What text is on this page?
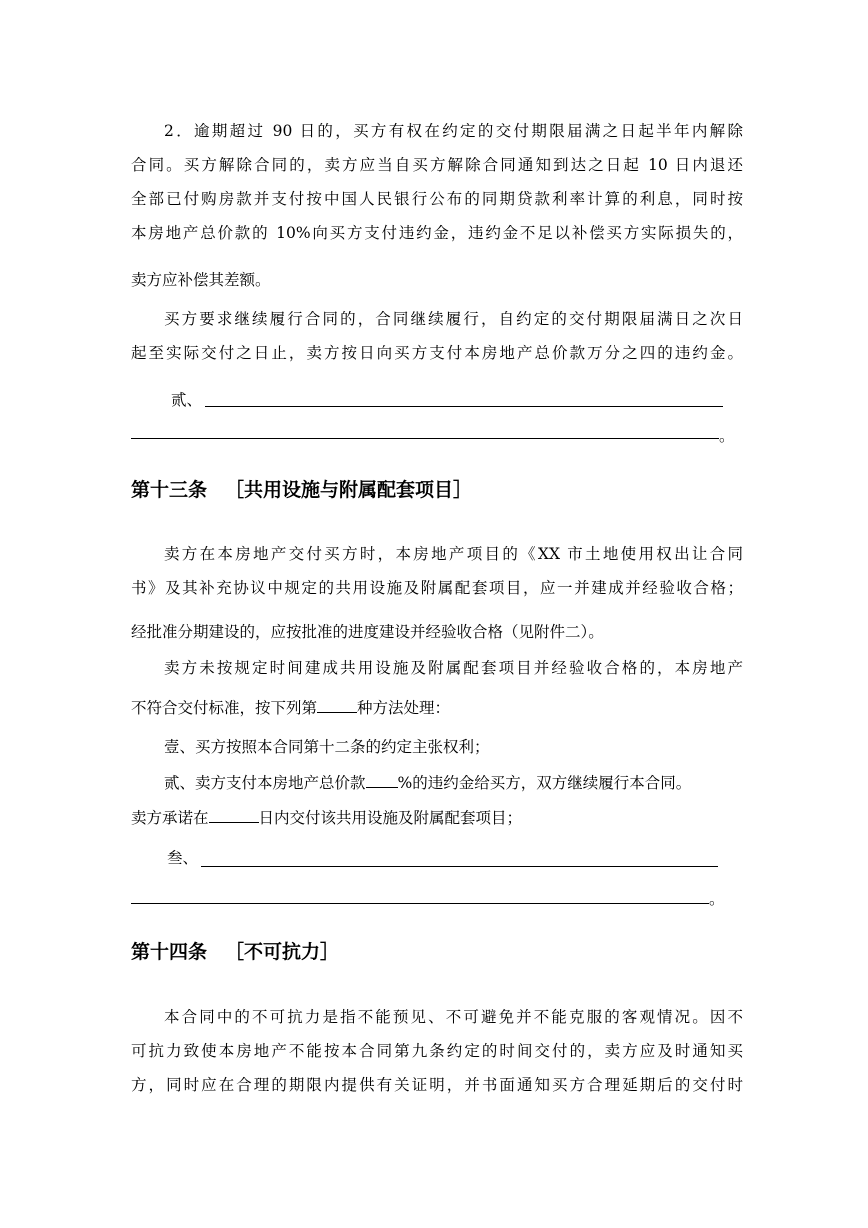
2．逾期超过 90 日的，买方有权在约定的交付期限届满之日起半年内解除
合同。买方解除合同的，卖方应当自买方解除合同通知到达之日起 10 日内退还
全部已付购房款并支付按中国人民银行公布的同期贷款利率计算的利息，同时按
本房地产总价款的 10%向买方支付违约金，违约金不足以补偿买方实际损失的，
卖方应补偿其差额。
买方要求继续履行合同的，合同继续履行，自约定的交付期限届满日之次日
起至实际交付之日止，卖方按日向买方支付本房地产总价款万分之四的违约金。
贰、
。
第十三条 ［共用设施与附属配套项目］
卖方在本房地产交付买方时，本房地产项目的《XX 市土地使用权出让合同
书》及其补充协议中规定的共用设施及附属配套项目，应一并建成并经验收合格；
经批准分期建设的，应按批准的进度建设并经验收合格（见附件二）。
卖方未按规定时间建成共用设施及附属配套项目并经验收合格的，本房地产
不符合交付标准，按下列第	种方法处理：
壹、买方按照本合同第十二条的约定主张权利；
贰、卖方支付本房地产总价款 %的违约金给买方，双方继续履行本合同。
卖方承诺在	日内交付该共用设施及附属配套项目；
叁、
。
第十四条 ［不可抗力］
本合同中的不可抗力是指不能预见、不可避免并不能克服的客观情况。因不
可抗力致使本房地产不能按本合同第九条约定的时间交付的，卖方应及时通知买
方，同时应在合理的期限内提供有关证明，并书面通知买方合理延期后的交付时
